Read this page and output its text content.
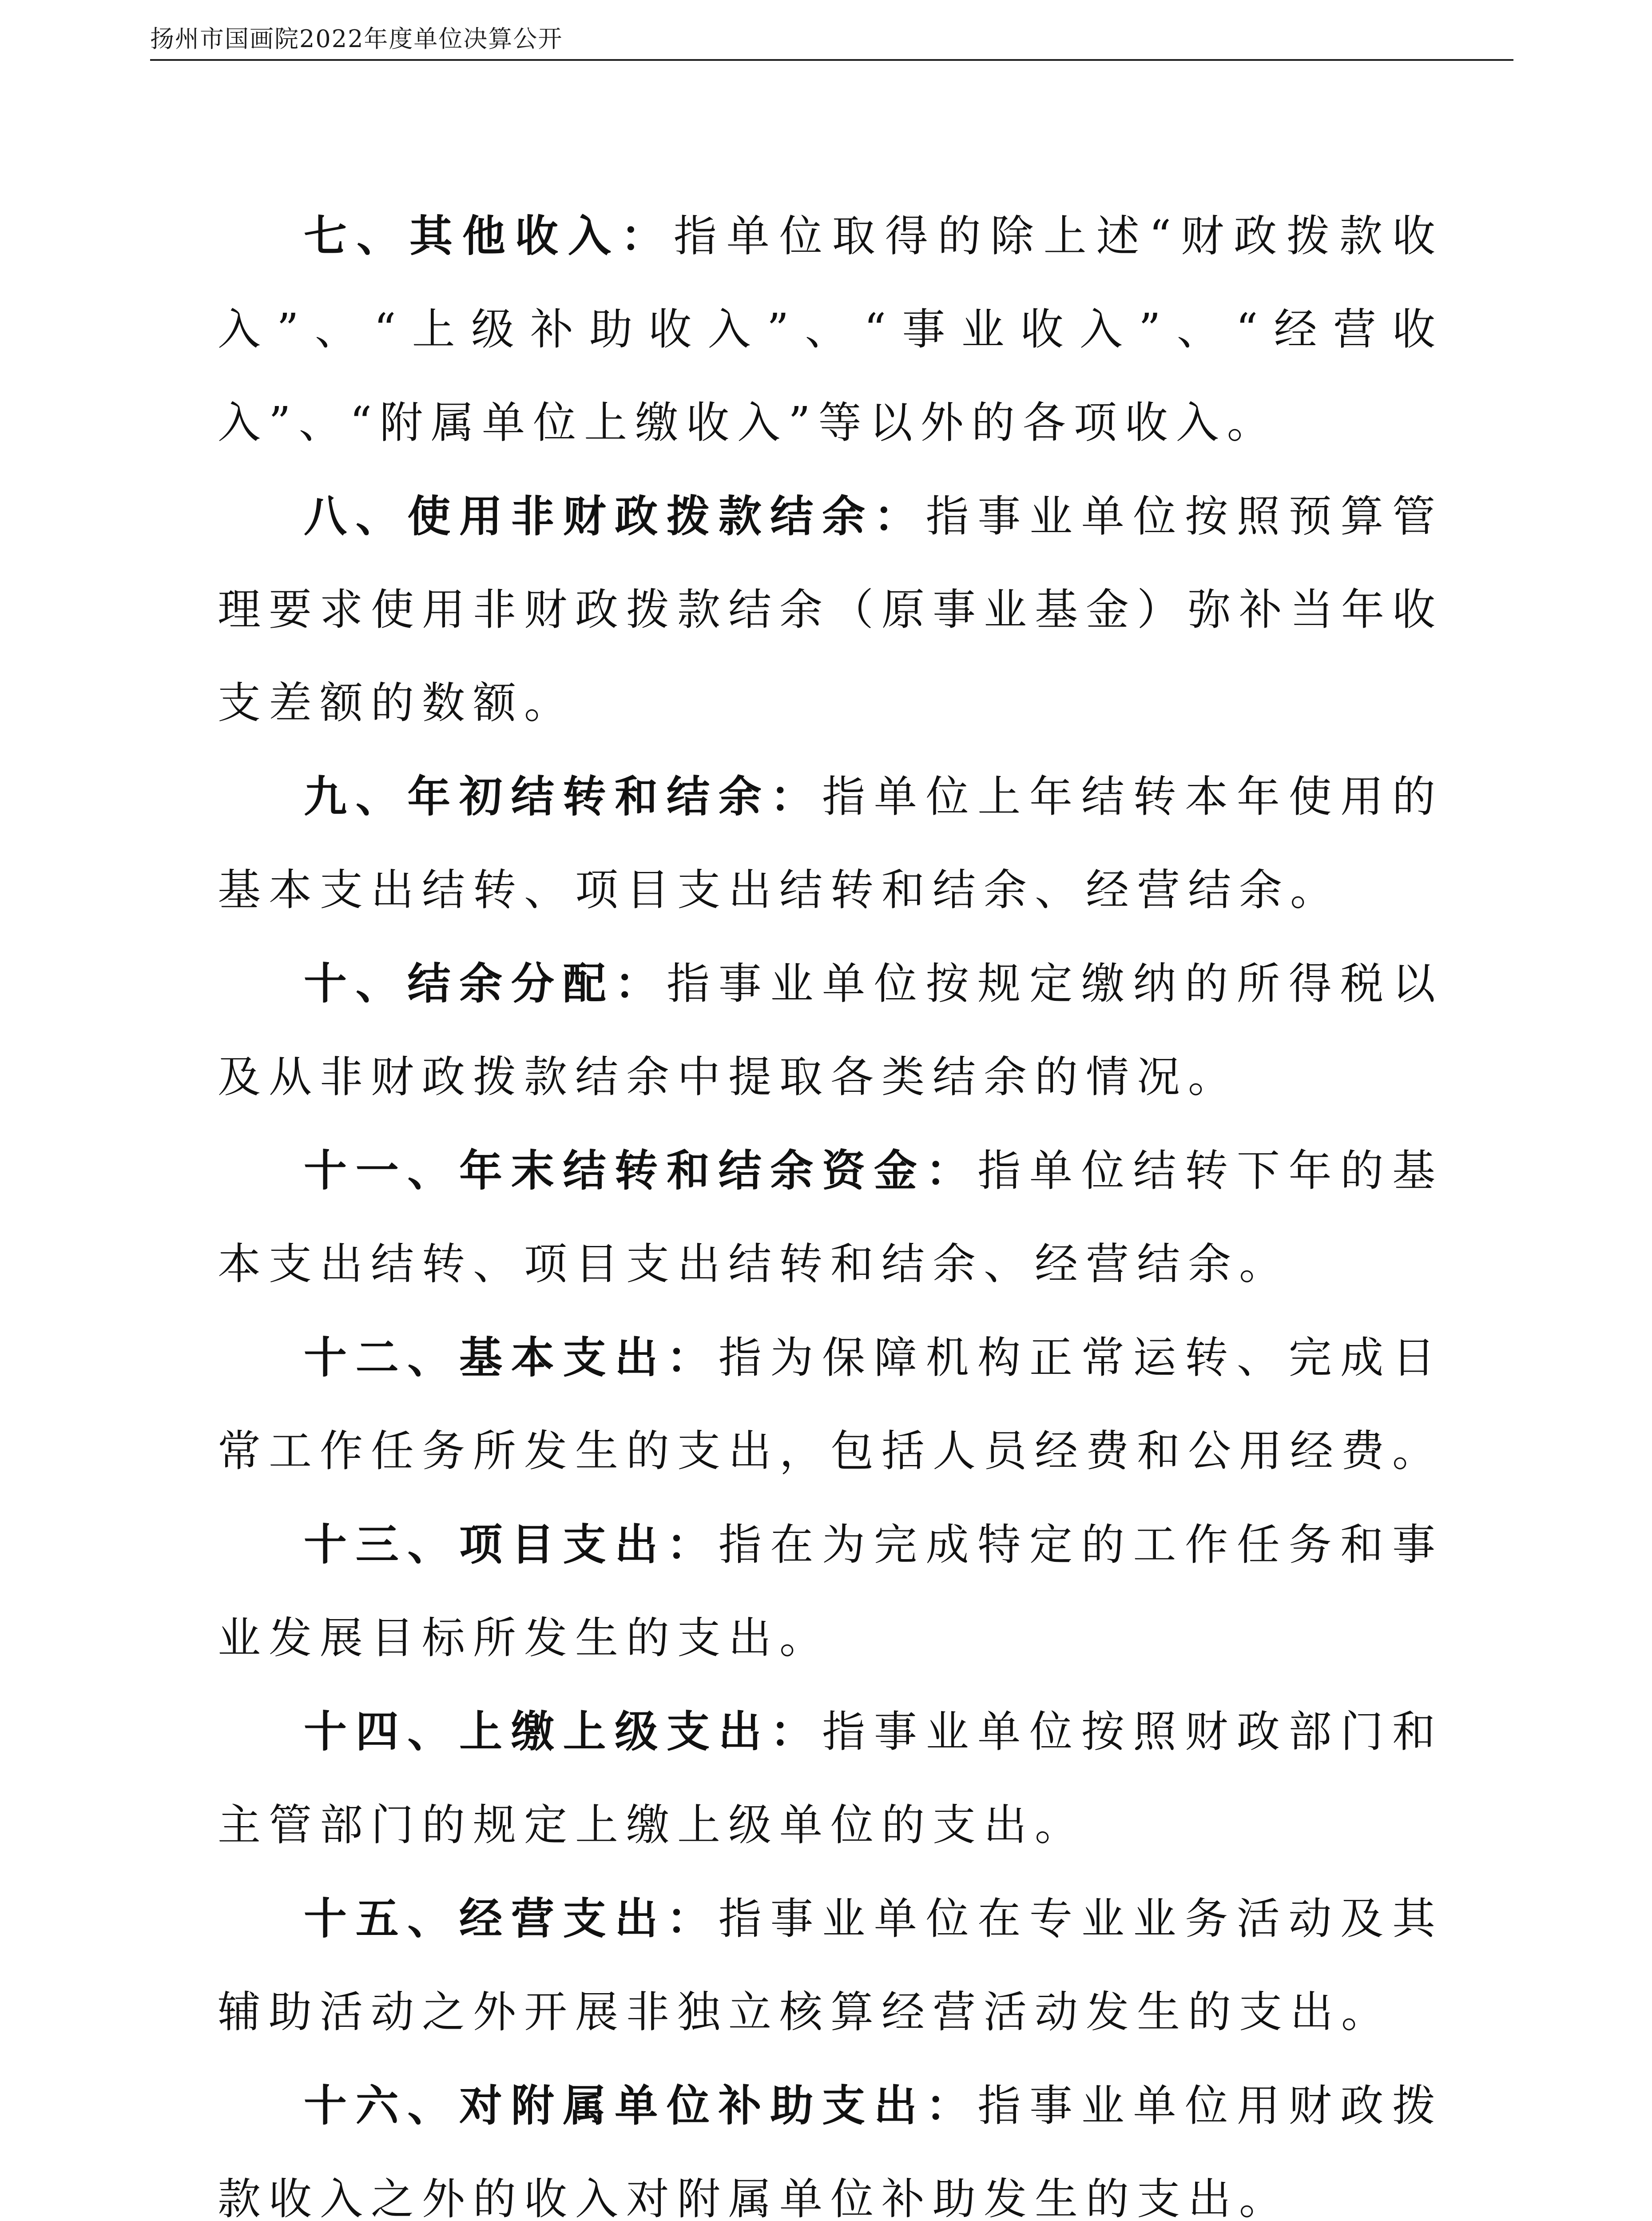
扬州市国画院2022年度单位决算公开

七、其他收入：指单位取得的除上述“财政拨款收入”、“上级补助收入”、“事业收入”、“经营收入”、“附属单位上缴收入”等以外的各项收入。

八、使用非财政拨款结余：指事业单位按照预算管理要求使用非财政拨款结余（原事业基金）弥补当年收支差额的数额。

九、年初结转和结余：指单位上年结转本年使用的基本支出结转、项目支出结转和结余、经营结余。

十、结余分配：指事业单位按规定缴纳的所得税以及从非财政拨款结余中提取各类结余的情况。

十一、年末结转和结余资金：指单位结转下年的基本支出结转、项目支出结转和结余、经营结余。

十二、基本支出：指为保障机构正常运转、完成日常工作任务所发生的支出，包括人员经费和公用经费。

十三、项目支出：指在为完成特定的工作任务和事业发展目标所发生的支出。

十四、上缴上级支出：指事业单位按照财政部门和主管部门的规定上缴上级单位的支出。

十五、经营支出：指事业单位在专业业务活动及其辅助活动之外开展非独立核算经营活动发生的支出。

十六、对附属单位补助支出：指事业单位用财政拨款收入之外的收入对附属单位补助发生的支出。
